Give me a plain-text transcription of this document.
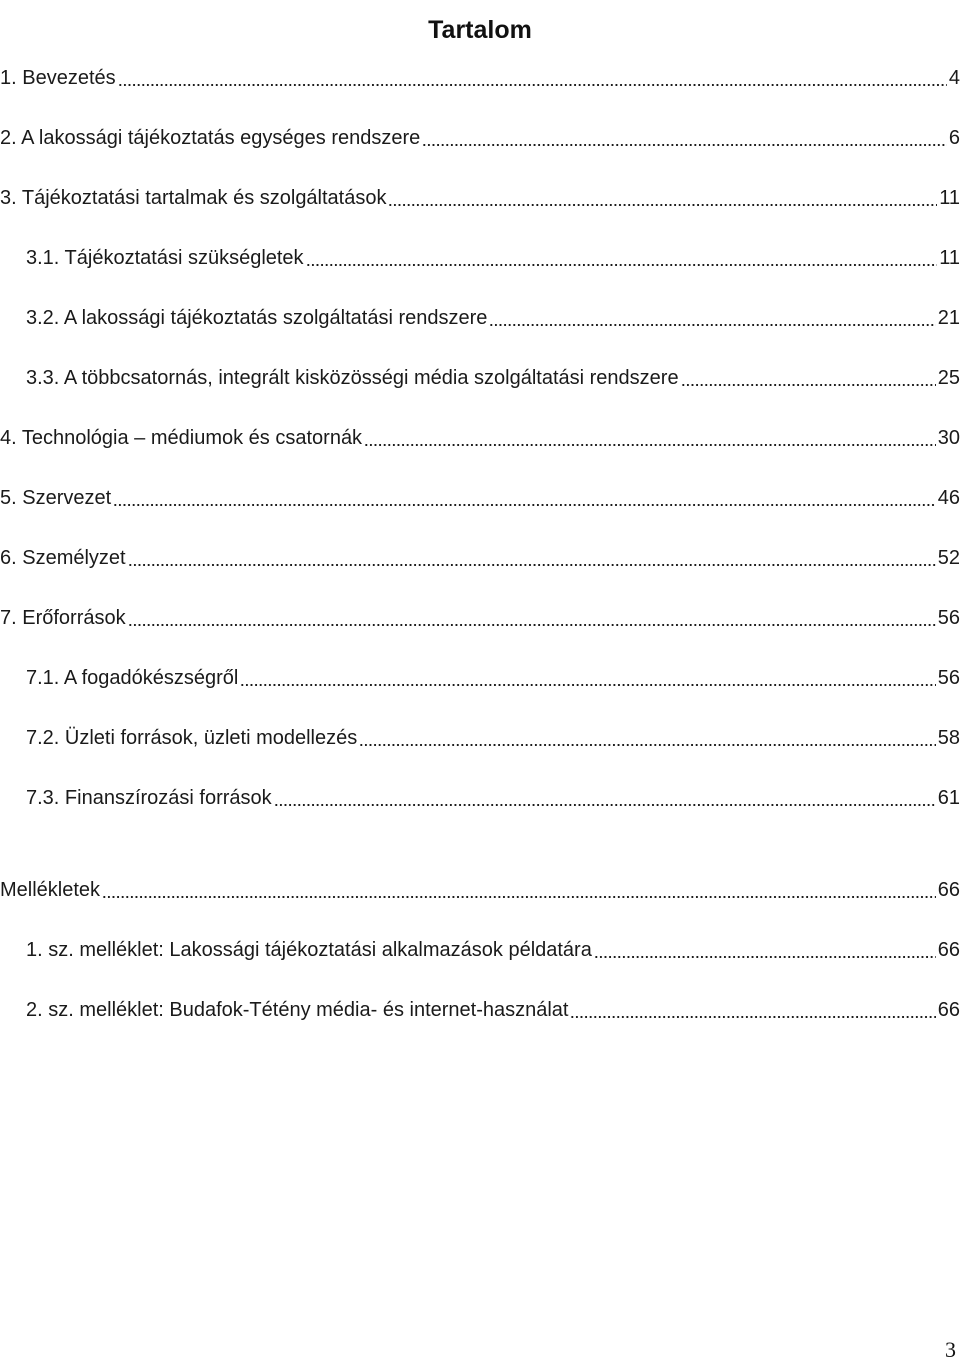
Tartalom
1. Bevezetés	4
2. A lakossági tájékoztatás egységes rendszere	6
3. Tájékoztatási tartalmak és szolgáltatások	11
3.1. Tájékoztatási szükségletek	11
3.2. A lakossági tájékoztatás szolgáltatási rendszere	21
3.3. A többcsatornás, integrált kisközösségi média szolgáltatási rendszere	25
4. Technológia – médiumok és csatornák	30
5. Szervezet	46
6. Személyzet	52
7. Erőforrások	56
7.1. A fogadókészségről	56
7.2. Üzleti források, üzleti modellezés	58
7.3. Finanszírozási források	61
Mellékletek	66
1. sz. melléklet: Lakossági tájékoztatási alkalmazások példatára	66
2. sz. melléklet: Budafok-Tétény média- és internet-használat	66
3
